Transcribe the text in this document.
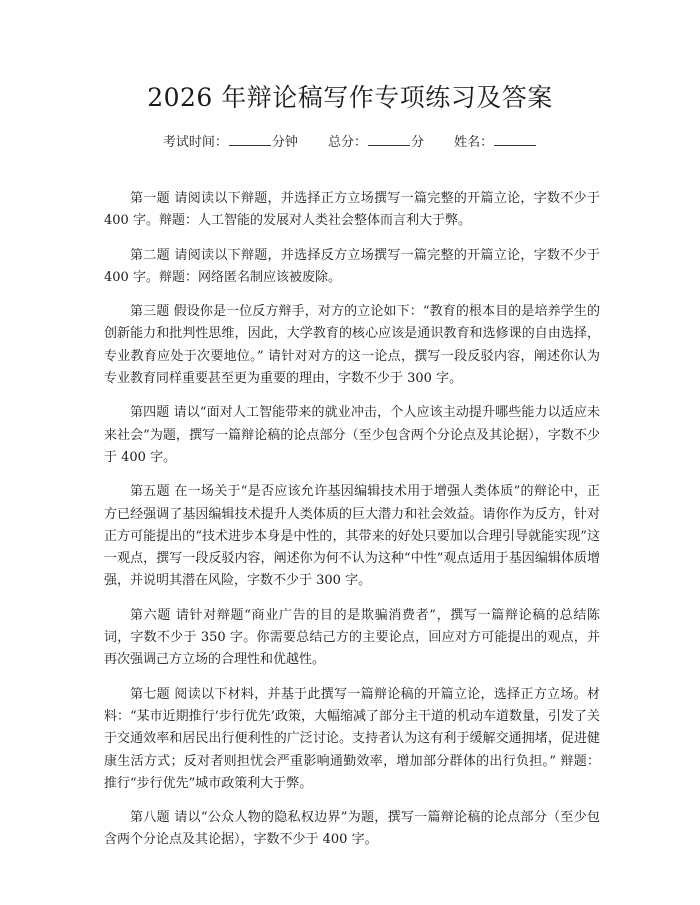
2026 年辩论稿写作专项练习及答案
考试时间：	分钟 总分：	分 姓名：

第一题 请阅读以下辩题，并选择正方立场撰写一篇完整的开篇立论，字数不少于 400 字。辩题：人工智能的发展对人类社会整体而言利大于弊。

第二题 请阅读以下辩题，并选择反方立场撰写一篇完整的开篇立论，字数不少于 400 字。辩题：网络匿名制应该被废除。

第三题 假设你是一位反方辩手，对方的立论如下：“教育的根本目的是培养学生的创新能力和批判性思维，因此，大学教育的核心应该是通识教育和选修课的自由选择，专业教育应处于次要地位。” 请针对对方的这一论点，撰写一段反驳内容，阐述你认为专业教育同样重要甚至更为重要的理由，字数不少于 300 字。

第四题 请以“面对人工智能带来的就业冲击，个人应该主动提升哪些能力以适应未来社会”为题，撰写一篇辩论稿的论点部分（至少包含两个分论点及其论据），字数不少于 400 字。

第五题 在一场关于“是否应该允许基因编辑技术用于增强人类体质”的辩论中，正方已经强调了基因编辑技术提升人类体质的巨大潜力和社会效益。请你作为反方，针对正方可能提出的“技术进步本身是中性的，其带来的好处只要加以合理引导就能实现”这一观点，撰写一段反驳内容，阐述你为何不认为这种“中性”观点适用于基因编辑体质增强，并说明其潜在风险，字数不少于 300 字。

第六题 请针对辩题“商业广告的目的是欺骗消费者”，撰写一篇辩论稿的总结陈词，字数不少于 350 字。你需要总结己方的主要论点，回应对方可能提出的观点，并再次强调己方立场的合理性和优越性。

第七题 阅读以下材料，并基于此撰写一篇辩论稿的开篇立论，选择正方立场。材料：“某市近期推行‘步行优先’政策，大幅缩减了部分主干道的机动车道数量，引发了关于交通效率和居民出行便利性的广泛讨论。支持者认为这有利于缓解交通拥堵，促进健康生活方式；反对者则担忧会严重影响通勤效率，增加部分群体的出行负担。” 辩题：推行“步行优先”城市政策利大于弊。

第八题 请以“公众人物的隐私权边界”为题，撰写一篇辩论稿的论点部分（至少包含两个分论点及其论据），字数不少于 400 字。
